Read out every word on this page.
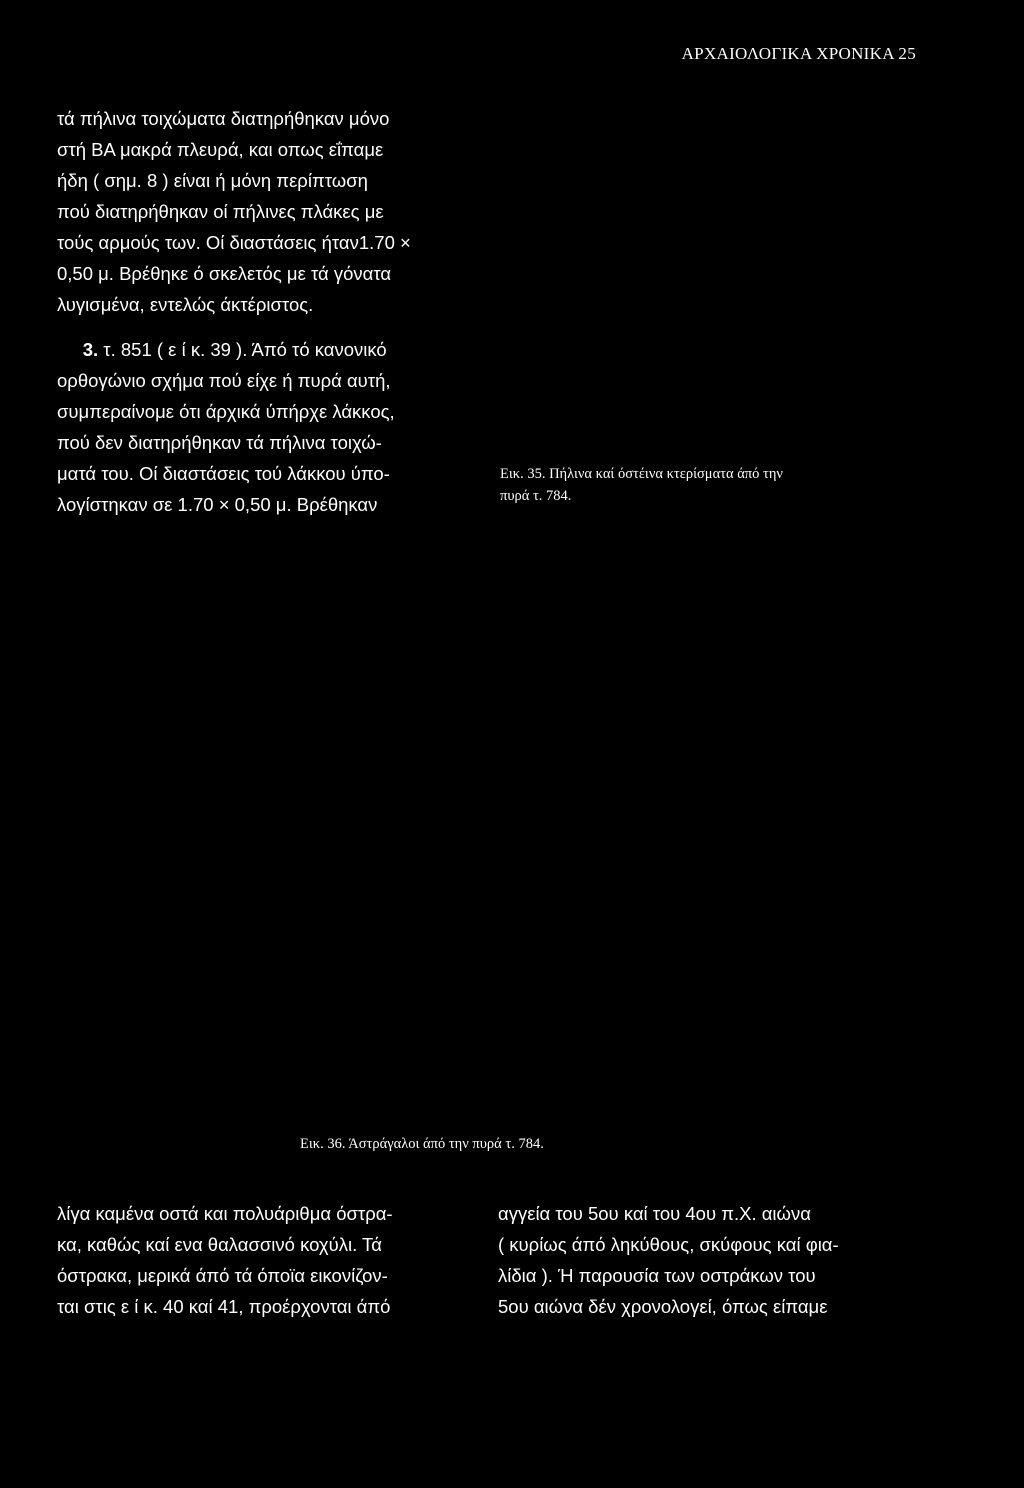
ΑΡΧΑΙΟΛΟΓΙΚΑ ΧΡΟΝΙΚΑ 25
τά πήλινα τοιχώματα διατηρήθηκαν μόνο
στή ΒΑ μακρά πλευρά, και οπως εΐπαμε
ήδη ( σημ. 8 ) είναι ή μόνη περίπτωση
πού διατηρήθηκαν οί πήλινες πλάκες με
τούς αρμούς των. Οί διαστάσεις ήταν1.70 ×
0,50 μ. Βρέθηκε ό σκελετός με τά γόνατα
λυγισμένα, εντελώς άκτέριστος.
3. τ. 851 ( ε ί κ. 39 ). Άπό τό κανονικό
ορθογώνιο σχήμα πού είχε ή πυρά αυτή,
συμπεραίνομε ότι άρχικά ύπήρχε λάκκος,
πού δεν διατηρήθηκαν τά πήλινα τοιχώ-
ματά του. Οί διαστάσεις τού λάκκου ύπο-
λογίστηκαν σε 1.70 × 0,50 μ. Βρέθηκαν
Εικ. 35. Πήλινα καί όστέινα κτερίσματα άπό την
πυρά τ. 784.
Εικ. 36. Άστράγαλοι άπό την πυρά τ. 784.
λίγα καμένα οστά και πολυάριθμα όστρα-
κα, καθώς καί ενα θαλασσινό κοχύλι. Τά
όστρακα, μερικά άπό τά όποϊα εικονίζον-
ται στις ε ί κ. 40 καί 41, προέρχονται άπό
αγγεία του 5ου καί του 4ου π.Χ. αιώνα
( κυρίως άπό ληκύθους, σκύφους καί φια-
λίδια ). Ή παρουσία των οστράκων του
5ου αιώνα δέν χρονολογεί, όπως είπαμε
